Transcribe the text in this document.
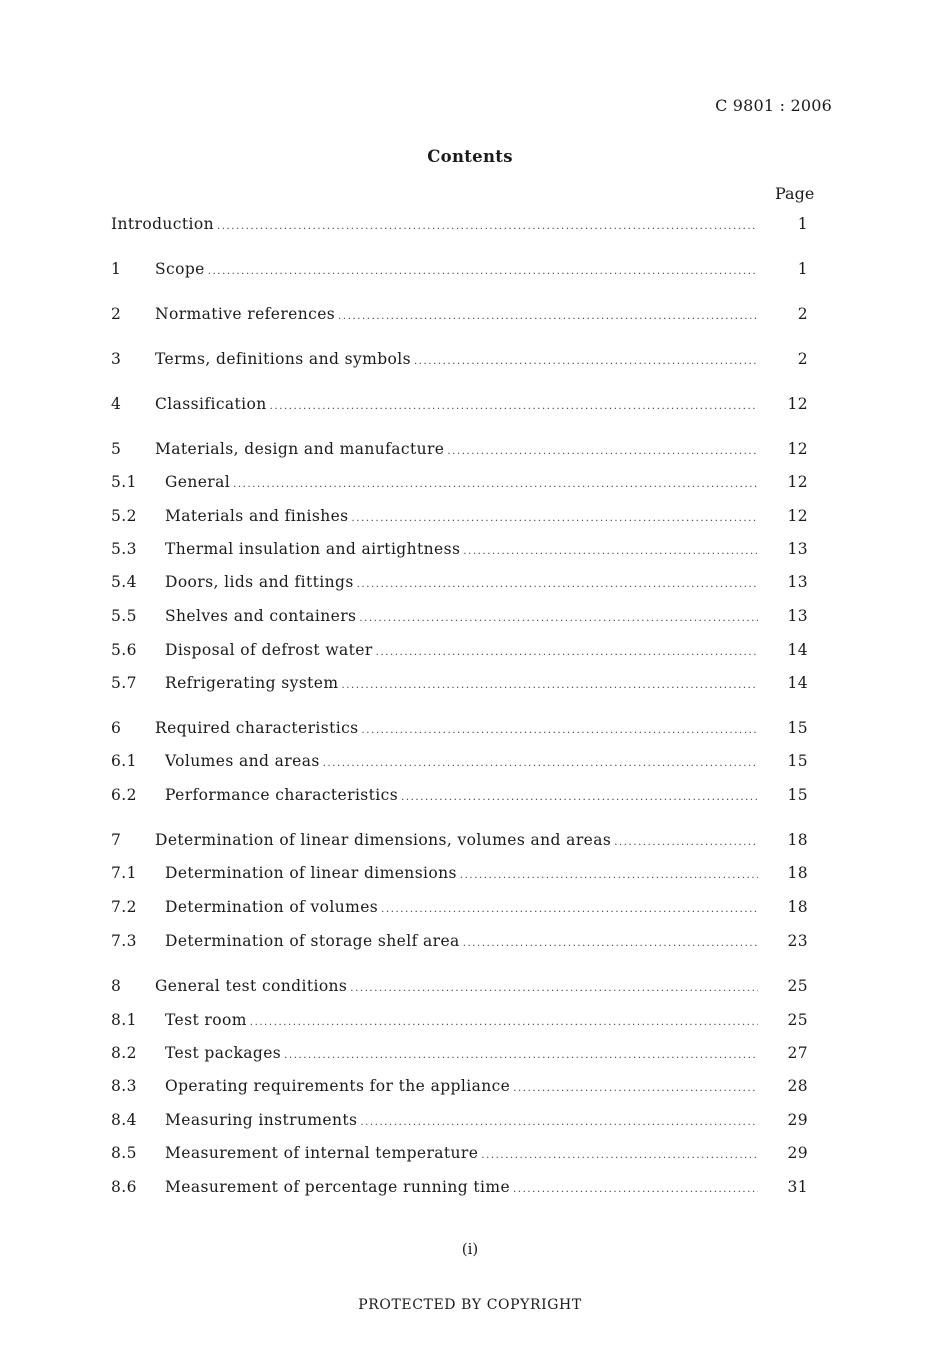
C 9801 : 2006
Contents
Page
Introduction .....	1
1 Scope .....	1
2 Normative references .....	2
3 Terms, definitions and symbols .....	2
4 Classification .....	12
5 Materials, design and manufacture .....	12
5.1 General .....	12
5.2 Materials and finishes .....	12
5.3 Thermal insulation and airtightness .....	13
5.4 Doors, lids and fittings .....	13
5.5 Shelves and containers .....	13
5.6 Disposal of defrost water .....	14
5.7 Refrigerating system .....	14
6 Required characteristics .....	15
6.1 Volumes and areas .....	15
6.2 Performance characteristics .....	15
7 Determination of linear dimensions, volumes and areas .....	18
7.1 Determination of linear dimensions .....	18
7.2 Determination of volumes .....	18
7.3 Determination of storage shelf area .....	23
8 General test conditions .....	25
8.1 Test room .....	25
8.2 Test packages .....	27
8.3 Operating requirements for the appliance .....	28
8.4 Measuring instruments .....	29
8.5 Measurement of internal temperature .....	29
8.6 Measurement of percentage running time .....	31
(i)
PROTECTED BY COPYRIGHT
